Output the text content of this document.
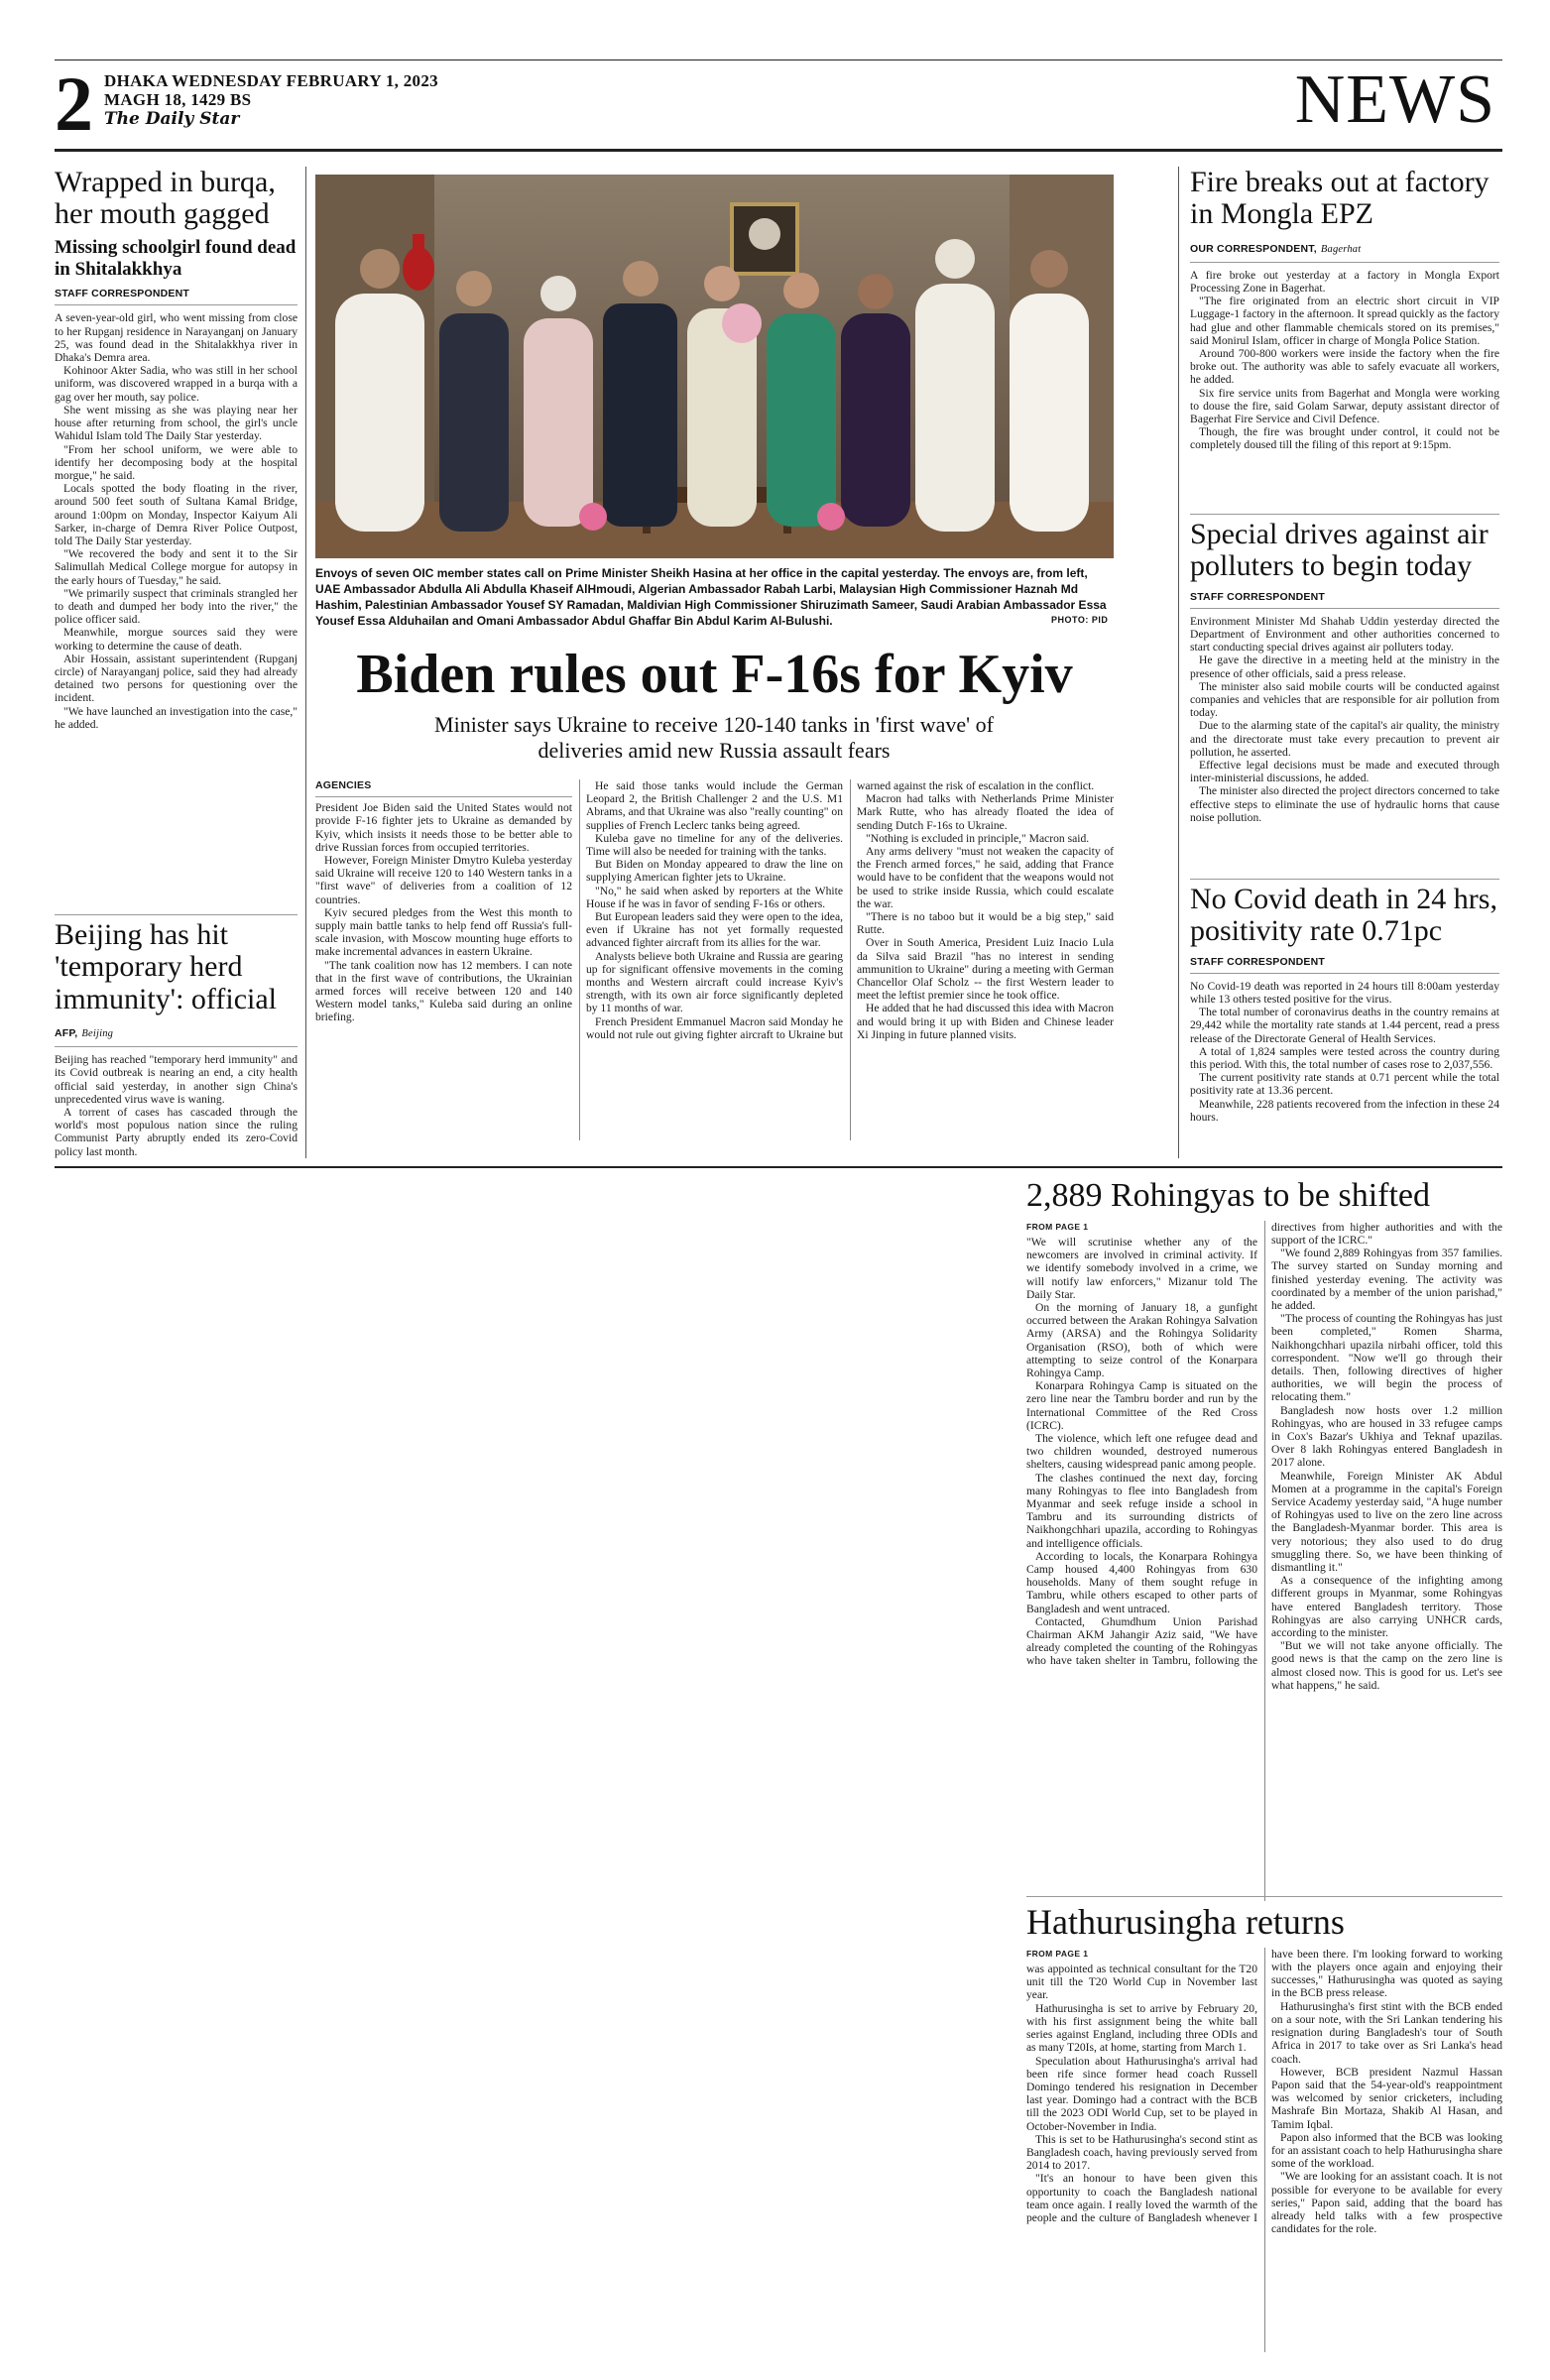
2 DHAKA WEDNESDAY FEBRUARY 1, 2023
MAGH 18, 1429 BS
The Daily Star	NEWS
Wrapped in burqa, her mouth gagged
Missing schoolgirl found dead in Shitalakkhya
STAFF CORRESPONDENT

A seven-year-old girl, who went missing from close to her Rupganj residence in Narayanganj on January 25, was found dead in the Shitalakkhya river in Dhaka's Demra area.

Kohinoor Akter Sadia, who was still in her school uniform, was discovered wrapped in a burqa with a gag over her mouth, say police.

She went missing as she was playing near her house after returning from school, the girl's uncle Wahidul Islam told The Daily Star yesterday.

"From her school uniform, we were able to identify her decomposing body at the hospital morgue," he said.

Locals spotted the body floating in the river, around 500 feet south of Sultana Kamal Bridge, around 1:00pm on Monday, Inspector Kaiyum Ali Sarker, in-charge of Demra River Police Outpost, told The Daily Star yesterday.

"We recovered the body and sent it to the Sir Salimullah Medical College morgue for autopsy in the early hours of Tuesday," he said.

"We primarily suspect that criminals strangled her to death and dumped her body into the river," the police officer said.

Meanwhile, morgue sources said they were working to determine the cause of death.

Abir Hossain, assistant superintendent (Rupganj circle) of Narayanganj police, said they had already detained two persons for questioning over the incident.

"We have launched an investigation into the case," he added.

Beijing has hit 'temporary herd immunity': official
AFP, Beijing

Beijing has reached "temporary herd immunity" and its Covid outbreak is nearing an end, a city health official said yesterday, in another sign China's unprecedented virus wave is waning.

A torrent of cases has cascaded through the world's most populous nation since the ruling Communist Party abruptly ended its zero-Covid policy last month.

Envoys of seven OIC member states call on Prime Minister Sheikh Hasina at her office in the capital yesterday. The envoys are, from left, UAE Ambassador Abdulla Ali Abdulla Khaseif AlHmoudi, Algerian Ambassador Rabah Larbi, Malaysian High Commissioner Haznah Md Hashim, Palestinian Ambassador Yousef SY Ramadan, Maldivian High Commissioner Shiruzimath Sameer, Saudi Arabian Ambassador Essa Yousef Essa Alduhailan and Omani Ambassador Abdul Ghaffar Bin Abdul Karim Al-Bulushi.	PHOTO: PID
Biden rules out F-16s for Kyiv
Minister says Ukraine to receive 120-140 tanks in 'first wave' of deliveries amid new Russia assault fears
AGENCIES

President Joe Biden said the United States would not provide F-16 fighter jets to Ukraine as demanded by Kyiv, which insists it needs those to be better able to drive Russian forces from occupied territories.

However, Foreign Minister Dmytro Kuleba yesterday said Ukraine will receive 120 to 140 Western tanks in a "first wave" of deliveries from a coalition of 12 countries.

Kyiv secured pledges from the West this month to supply main battle tanks to help fend off Russia's full-scale invasion, with Moscow mounting huge efforts to make incremental advances in eastern Ukraine.

"The tank coalition now has 12 members. I can note that in the first wave of contributions, the Ukrainian armed forces will receive between 120 and 140 Western model tanks," Kuleba said during an online briefing.

He said those tanks would include the German Leopard 2, the British Challenger 2 and the U.S. M1 Abrams, and that Ukraine was also "really counting" on supplies of French Leclerc tanks being agreed.

Kuleba gave no timeline for any of the deliveries. Time will also be needed for training with the tanks.

But Biden on Monday appeared to draw the line on supplying American fighter jets to Ukraine.

"No," he said when asked by reporters at the White House if he was in favor of sending F-16s or others.

But European leaders said they were open to the idea, even if Ukraine has not yet formally requested advanced fighter aircraft from its allies for the war.

Analysts believe both Ukraine and Russia are gearing up for significant offensive movements in the coming months and Western aircraft could increase Kyiv's strength, with its own air force significantly depleted by 11 months of war.

French President Emmanuel Macron said Monday he would not rule out giving fighter aircraft to Ukraine but warned against the risk of escalation in the conflict.

Macron had talks with Netherlands Prime Minister Mark Rutte, who has already floated the idea of sending Dutch F-16s to Ukraine.

"Nothing is excluded in principle," Macron said.

Any arms delivery "must not weaken the capacity of the French armed forces," he said, adding that France would have to be confident that the weapons would not be used to strike inside Russia, which could escalate the war.

"There is no taboo but it would be a big step," said Rutte.

Over in South America, President Luiz Inacio Lula da Silva said Brazil "has no interest in sending ammunition to Ukraine" during a meeting with German Chancellor Olaf Scholz -- the first Western leader to meet the leftist premier since he took office.

He added that he had discussed this idea with Macron and would bring it up with Biden and Chinese leader Xi Jinping in future planned visits.

Fire breaks out at factory in Mongla EPZ
OUR CORRESPONDENT, Bagerhat

A fire broke out yesterday at a factory in Mongla Export Processing Zone in Bagerhat.

"The fire originated from an electric short circuit in VIP Luggage-1 factory in the afternoon. It spread quickly as the factory had glue and other flammable chemicals stored on its premises," said Monirul Islam, officer in charge of Mongla Police Station.

Around 700-800 workers were inside the factory when the fire broke out. The authority was able to safely evacuate all workers, he added.

Six fire service units from Bagerhat and Mongla were working to douse the fire, said Golam Sarwar, deputy assistant director of Bagerhat Fire Service and Civil Defence.

Though, the fire was brought under control, it could not be completely doused till the filing of this report at 9:15pm.

Special drives against air polluters to begin today
STAFF CORRESPONDENT

Environment Minister Md Shahab Uddin yesterday directed the Department of Environment and other authorities concerned to start conducting special drives against air polluters today.

He gave the directive in a meeting held at the ministry in the presence of other officials, said a press release.

The minister also said mobile courts will be conducted against companies and vehicles that are responsible for air pollution from today.

Due to the alarming state of the capital's air quality, the ministry and the directorate must take every precaution to prevent air pollution, he asserted.

Effective legal decisions must be made and executed through inter-ministerial discussions, he added.

The minister also directed the project directors concerned to take effective steps to eliminate the use of hydraulic horns that cause noise pollution.

No Covid death in 24 hrs, positivity rate 0.71pc
STAFF CORRESPONDENT

No Covid-19 death was reported in 24 hours till 8:00am yesterday while 13 others tested positive for the virus.

The total number of coronavirus deaths in the country remains at 29,442 while the mortality rate stands at 1.44 percent, read a press release of the Directorate General of Health Services.

A total of 1,824 samples were tested across the country during this period. With this, the total number of cases rose to 2,037,556.

The current positivity rate stands at 0.71 percent while the total positivity rate at 13.36 percent.

Meanwhile, 228 patients recovered from the infection in these 24 hours.

2,889 Rohingyas to be shifted
FROM PAGE 1

"We will scrutinise whether any of the newcomers are involved in criminal activity. If we identify somebody involved in a crime, we will notify law enforcers," Mizanur told The Daily Star.

On the morning of January 18, a gunfight occurred between the Arakan Rohingya Salvation Army (ARSA) and the Rohingya Solidarity Organisation (RSO), both of which were attempting to seize control of the Konarpara Rohingya Camp.

Konarpara Rohingya Camp is situated on the zero line near the Tambru border and run by the International Committee of the Red Cross (ICRC).

The violence, which left one refugee dead and two children wounded, destroyed numerous shelters, causing widespread panic among people.

The clashes continued the next day, forcing many Rohingyas to flee into Bangladesh from Myanmar and seek refuge inside a school in Tambru and its surrounding districts of Naikhongchhari upazila, according to Rohingyas and intelligence officials.

According to locals, the Konarpara Rohingya Camp housed 4,400 Rohingyas from 630 households. Many of them sought refuge in Tambru, while others escaped to other parts of Bangladesh and went untraced.

Contacted, Ghumdhum Union Parishad Chairman AKM Jahangir Aziz said, "We have already completed the counting of the Rohingyas who have taken shelter in Tambru, following the directives from higher authorities and with the support of the ICRC."

"We found 2,889 Rohingyas from 357 families. The survey started on Sunday morning and finished yesterday evening. The activity was coordinated by a member of the union parishad," he added.

"The process of counting the Rohingyas has just been completed," Romen Sharma, Naikhongchhari upazila nirbahi officer, told this correspondent. "Now we'll go through their details. Then, following directives of higher authorities, we will begin the process of relocating them."

Bangladesh now hosts over 1.2 million Rohingyas, who are housed in 33 refugee camps in Cox's Bazar's Ukhiya and Teknaf upazilas. Over 8 lakh Rohingyas entered Bangladesh in 2017 alone.

Meanwhile, Foreign Minister AK Abdul Momen at a programme in the capital's Foreign Service Academy yesterday said, "A huge number of Rohingyas used to live on the zero line across the Bangladesh-Myanmar border. This area is very notorious; they also used to do drug smuggling there. So, we have been thinking of dismantling it."

As a consequence of the infighting among different groups in Myanmar, some Rohingyas have entered Bangladesh territory. Those Rohingyas are also carrying UNHCR cards, according to the minister.

"But we will not take anyone officially. The good news is that the camp on the zero line is almost closed now. This is good for us. Let's see what happens," he said.

Hathurusingha returns
FROM PAGE 1

was appointed as technical consultant for the T20 unit till the T20 World Cup in November last year.

Hathurusingha is set to arrive by February 20, with his first assignment being the white ball series against England, including three ODIs and as many T20Is, at home, starting from March 1.

Speculation about Hathurusingha's arrival had been rife since former head coach Russell Domingo tendered his resignation in December last year. Domingo had a contract with the BCB till the 2023 ODI World Cup, set to be played in October-November in India.

This is set to be Hathurusingha's second stint as Bangladesh coach, having previously served from 2014 to 2017.

"It's an honour to have been given this opportunity to coach the Bangladesh national team once again. I really loved the warmth of the people and the culture of Bangladesh whenever I have been there. I'm looking forward to working with the players once again and enjoying their successes," Hathurusingha was quoted as saying in the BCB press release.

Hathurusingha's first stint with the BCB ended on a sour note, with the Sri Lankan tendering his resignation during Bangladesh's tour of South Africa in 2017 to take over as Sri Lanka's head coach.

However, BCB president Nazmul Hassan Papon said that the 54-year-old's reappointment was welcomed by senior cricketers, including Mashrafe Bin Mortaza, Shakib Al Hasan, and Tamim Iqbal.

Papon also informed that the BCB was looking for an assistant coach to help Hathurusingha share some of the workload.

"We are looking for an assistant coach. It is not possible for everyone to be available for every series," Papon said, adding that the board has already held talks with a few prospective candidates for the role.
